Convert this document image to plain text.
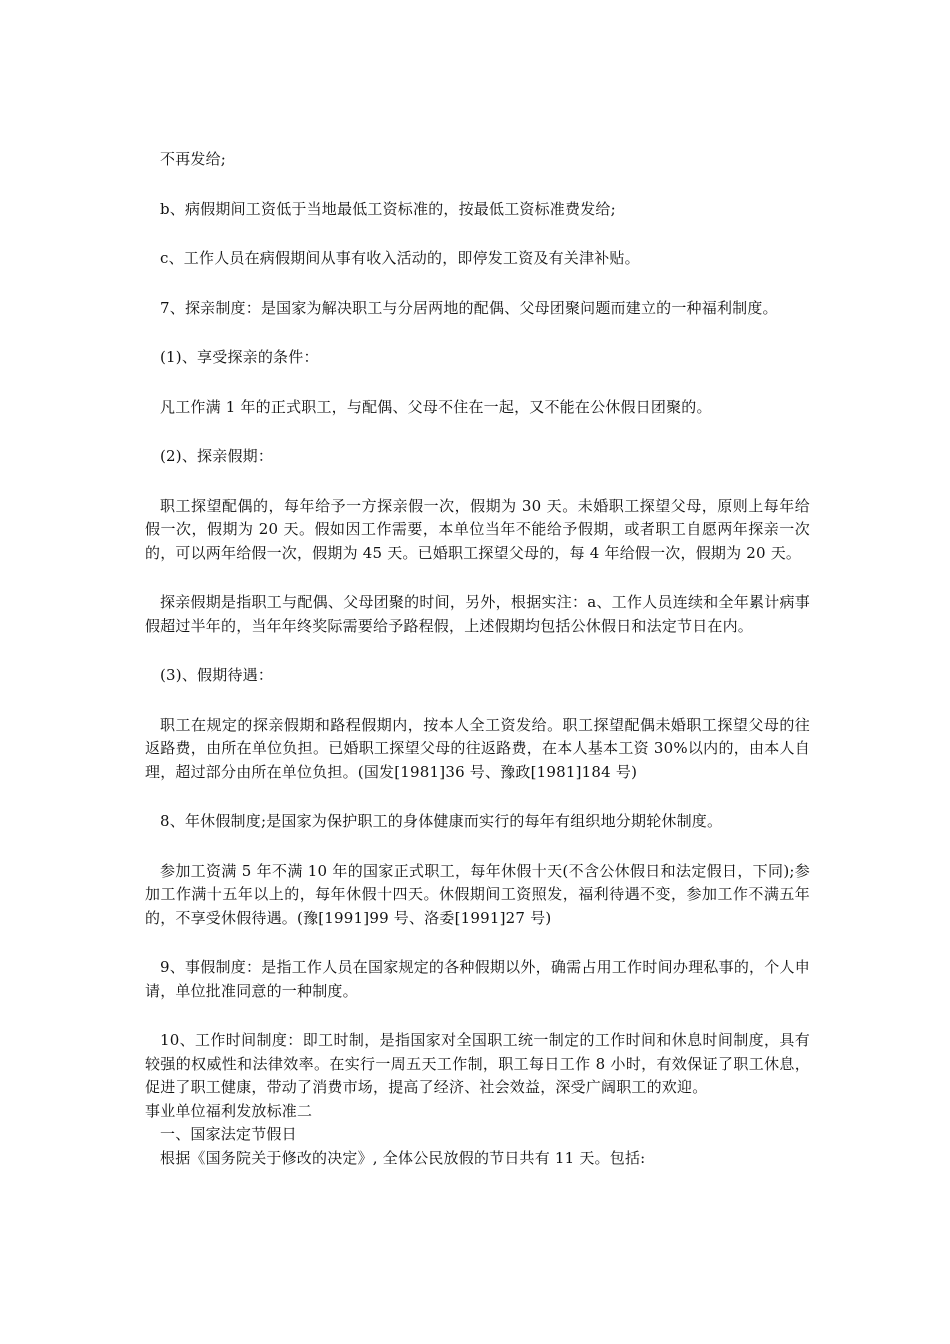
不再发给;

b、病假期间工资低于当地最低工资标准的，按最低工资标准费发给;

c、工作人员在病假期间从事有收入活动的，即停发工资及有关津补贴。

7、探亲制度：是国家为解决职工与分居两地的配偶、父母团聚问题而建立的一种福利制度。

(1)、享受探亲的条件：

凡工作满 1 年的正式职工，与配偶、父母不住在一起，又不能在公休假日团聚的。

(2)、探亲假期：

职工探望配偶的，每年给予一方探亲假一次，假期为 30 天。未婚职工探望父母，原则上每年给假一次，假期为 20 天。假如因工作需要，本单位当年不能给予假期，或者职工自愿两年探亲一次的，可以两年给假一次，假期为 45 天。已婚职工探望父母的，每 4 年给假一次，假期为 20 天。

探亲假期是指职工与配偶、父母团聚的时间，另外，根据实注：a、工作人员连续和全年累计病事假超过半年的，当年年终奖际需要给予路程假，上述假期均包括公休假日和法定节日在内。

(3)、假期待遇：

职工在规定的探亲假期和路程假期内，按本人全工资发给。职工探望配偶未婚职工探望父母的往返路费，由所在单位负担。已婚职工探望父母的往返路费，在本人基本工资 30%以内的，由本人自理，超过部分由所在单位负担。(国发[1981]36 号、豫政[1981]184 号)

8、年休假制度;是国家为保护职工的身体健康而实行的每年有组织地分期轮休制度。

参加工资满 5 年不满 10 年的国家正式职工，每年休假十天(不含公休假日和法定假日，下同);参加工作满十五年以上的，每年休假十四天。休假期间工资照发，福利待遇不变，参加工作不满五年的，不享受休假待遇。(豫[1991]99 号、洛委[1991]27 号)

9、事假制度：是指工作人员在国家规定的各种假期以外，确需占用工作时间办理私事的，个人申请，单位批准同意的一种制度。

10、工作时间制度：即工时制，是指国家对全国职工统一制定的工作时间和休息时间制度，具有较强的权威性和法律效率。在实行一周五天工作制，职工每日工作 8 小时，有效保证了职工休息，促进了职工健康，带动了消费市场，提高了经济、社会效益，深受广阔职工的欢迎。

事业单位福利发放标准二

一、国家法定节假日

根据《国务院关于修改的决定》, 全体公民放假的节日共有 11 天。包括:
